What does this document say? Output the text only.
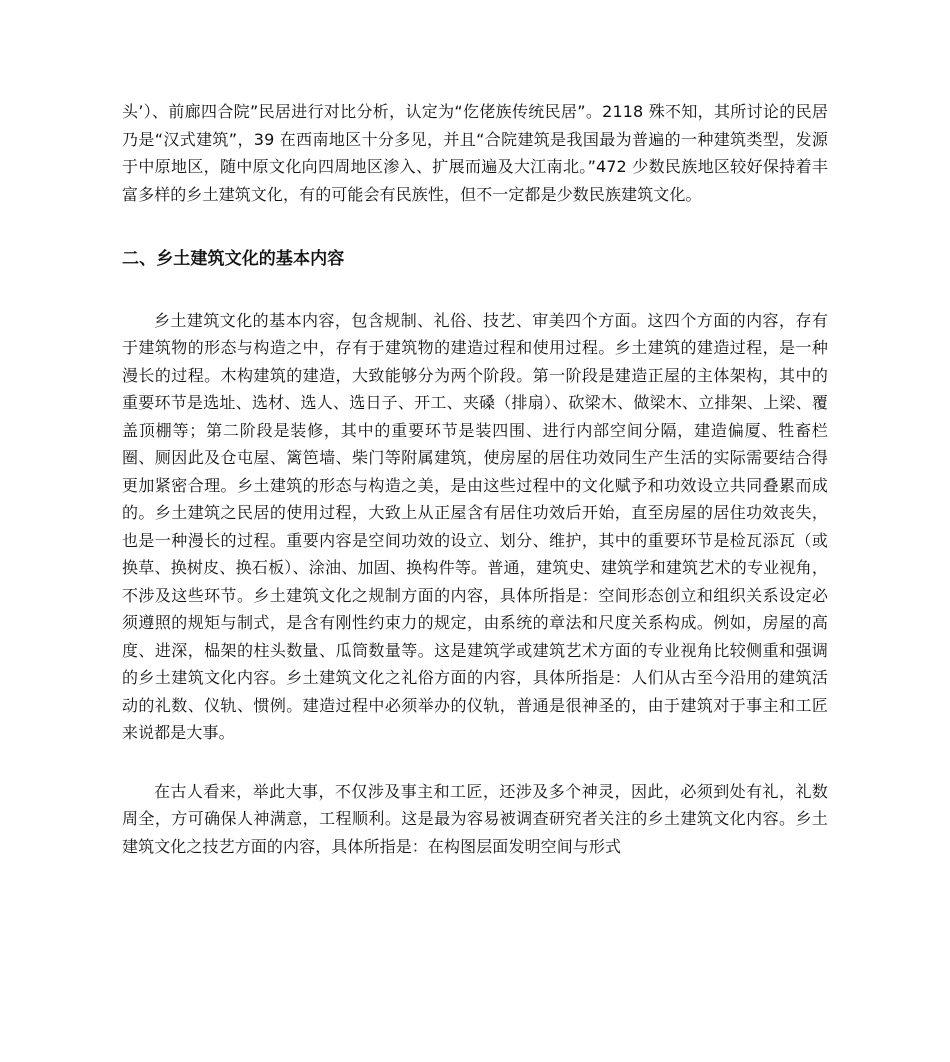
头’）、前廊四合院”民居进行对比分析，认定为“仡佬族传统民居”。2118 殊不知，其所讨论的民居乃是“汉式建筑”，39 在西南地区十分多见，并且“合院建筑是我国最为普遍的一种建筑类型，发源于中原地区，随中原文化向四周地区渗入、扩展而遍及大江南北。”472 少数民族地区较好保持着丰富多样的乡土建筑文化，有的可能会有民族性，但不一定都是少数民族建筑文化。

二、乡土建筑文化的基本内容

乡土建筑文化的基本内容，包含规制、礼俗、技艺、审美四个方面。这四个方面的内容，存有于建筑物的形态与构造之中，存有于建筑物的建造过程和使用过程。乡土建筑的建造过程，是一种漫长的过程。木构建筑的建造，大致能够分为两个阶段。第一阶段是建造正屋的主体架构，其中的重要环节是选址、选材、选人、选日子、开工、夹磉（排扇）、砍梁木、做梁木、立排架、上梁、覆盖顶棚等；第二阶段是装修，其中的重要环节是装四围、进行内部空间分隔，建造偏厦、牲畜栏圈、厕因此及仓屯屋、篱笆墙、柴门等附属建筑，使房屋的居住功效同生产生活的实际需要结合得更加紧密合理。乡土建筑的形态与构造之美，是由这些过程中的文化赋予和功效设立共同叠累而成的。乡土建筑之民居的使用过程，大致上从正屋含有居住功效后开始，直至房屋的居住功效丧失，也是一种漫长的过程。重要内容是空间功效的设立、划分、维护，其中的重要环节是检瓦添瓦（或换草、换树皮、换石板）、涂油、加固、换构件等。普通，建筑史、建筑学和建筑艺术的专业视角，不涉及这些环节。乡土建筑文化之规制方面的内容，具体所指是：空间形态创立和组织关系设定必须遵照的规矩与制式，是含有刚性约束力的规定，由系统的章法和尺度关系构成。例如，房屋的高度、进深，榀架的柱头数量、瓜筒数量等。这是建筑学或建筑艺术方面的专业视角比较侧重和强调的乡土建筑文化内容。乡土建筑文化之礼俗方面的内容，具体所指是：人们从古至今沿用的建筑活动的礼数、仪轨、惯例。建造过程中必须举办的仪轨，普通是很神圣的，由于建筑对于事主和工匠来说都是大事。

在古人看来，举此大事，不仅涉及事主和工匠，还涉及多个神灵，因此，必须到处有礼，礼数周全，方可确保人神满意，工程顺利。这是最为容易被调查研究者关注的乡土建筑文化内容。乡土建筑文化之技艺方面的内容，具体所指是：在构图层面发明空间与形式
